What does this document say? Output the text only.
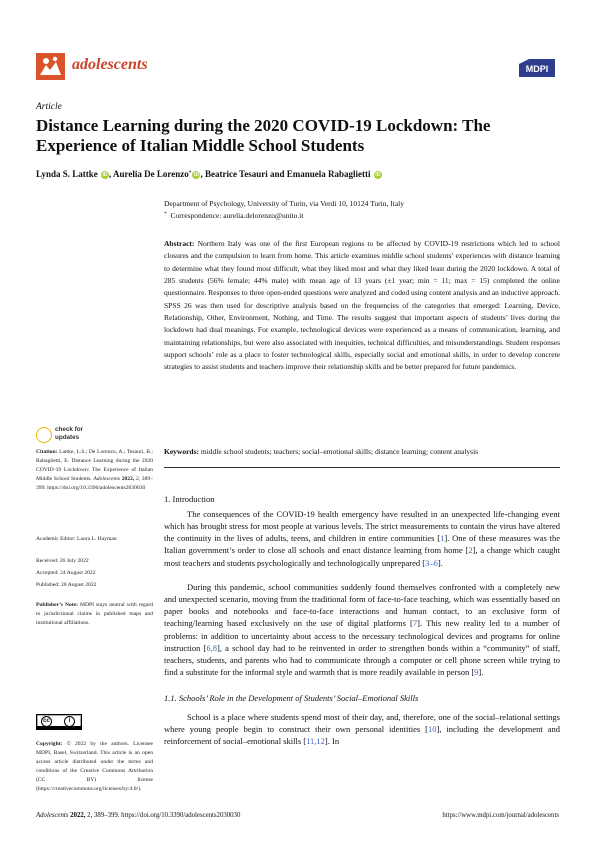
adolescents	MDPI
Article
Distance Learning during the 2020 COVID-19 Lockdown: The Experience of Italian Middle School Students
Lynda S. Lattke iD , Aurelia De Lorenzo* iD , Beatrice Tesauri and Emanuela Rabaglietti iD
Department of Psychology, University of Turin, via Verdi 10, 10124 Turin, Italy
* Correspondence: aurelia.delorenzo@unito.it
Abstract: Northern Italy was one of the first European regions to be affected by COVID-19 restrictions which led to school closures and the compulsion to learn from home. This article examines middle school students’ experiences with distance learning to determine what they found most difficult, what they liked most and what they liked least during the 2020 lockdown. A total of 285 students (56% female; 44% male) with mean age of 13 years (±1 year; min = 11; max = 15) completed the online questionnaire. Responses to three open-ended questions were analyzed and coded using content analysis and an inductive approach. SPSS 26 was then used for descriptive analysis based on the frequencies of the categories that emerged: Learning, Device, Relationship, Other, Environment, Nothing, and Time. The results suggest that important aspects of students’ lives during the lockdown had dual meanings. For example, technological devices were experienced as a means of communication, learning, and maintaining relationships, but were also associated with inequities, technical difficulties, and misunderstandings. Student responses support schools’ role as a place to foster technological skills, especially social and emotional skills, in order to develop concrete strategies to assist students and teachers improve their relationship skills and be better prepared for future pandemics.
Keywords: middle school students; teachers; social–emotional skills; distance learning; content analysis
check for
updates
Citation: Lattke, L.S.; De Lorenzo, A.; Tesauri, B.; Rabaglietti, E. Distance Learning during the 2020 COVID-19 Lockdown: The Experience of Italian Middle School Students. Adolescents 2022, 2, 389–399. https://doi.org/10.3390/adolescents2030030
Academic Editor: Laura L. Hayman
Received: 26 July 2022
Accepted: 24 August 2022
Published: 28 August 2022
Publisher’s Note: MDPI stays neutral with regard to jurisdictional claims in published maps and institutional affiliations.
cc	i
Copyright: © 2022 by the authors. Licensee MDPI, Basel, Switzerland. This article is an open access article distributed under the terms and conditions of the Creative Commons Attribution (CC BY) license (https://creativecommons.org/licenses/by/4.0/).
1. Introduction
The consequences of the COVID-19 health emergency have resulted in an unexpected life-changing event which has brought stress for most people at various levels. The strict measurements to contain the virus have altered the continuity in the lives of adults, teens, and children in entire communities [1]. One of these measures was the Italian government’s order to close all schools and enact distance learning from home [2], a change which caught most teachers and students psychologically and technologically unprepared [3–6].
During this pandemic, school communities suddenly found themselves confronted with a completely new and unexpected scenario, moving from the traditional form of face-to-face teaching, which was essentially based on paper books and notebooks and face-to-face interactions and human contact, to an exclusive form of teaching/learning based exclusively on the use of digital platforms [7]. This new reality led to a number of problems: in addition to uncertainty about access to the necessary technological devices and programs for online instruction [6,8], a school day had to be reinvented in order to strengthen bonds within a “community” of staff, teachers, students, and parents who had to communicate through a computer or cell phone screen while trying to find a substitute for the informal style and warmth that is more readily available in person [9].
1.1. Schools’ Role in the Development of Students’ Social–Emotional Skills
School is a place where students spend most of their day, and, therefore, one of the social–relational settings where young people begin to construct their own personal identities [10], including the development and reinforcement of social–emotional skills [11,12]. In
Adolescents 2022, 2, 389–399. https://doi.org/10.3390/adolescents2030030	https://www.mdpi.com/journal/adolescents
